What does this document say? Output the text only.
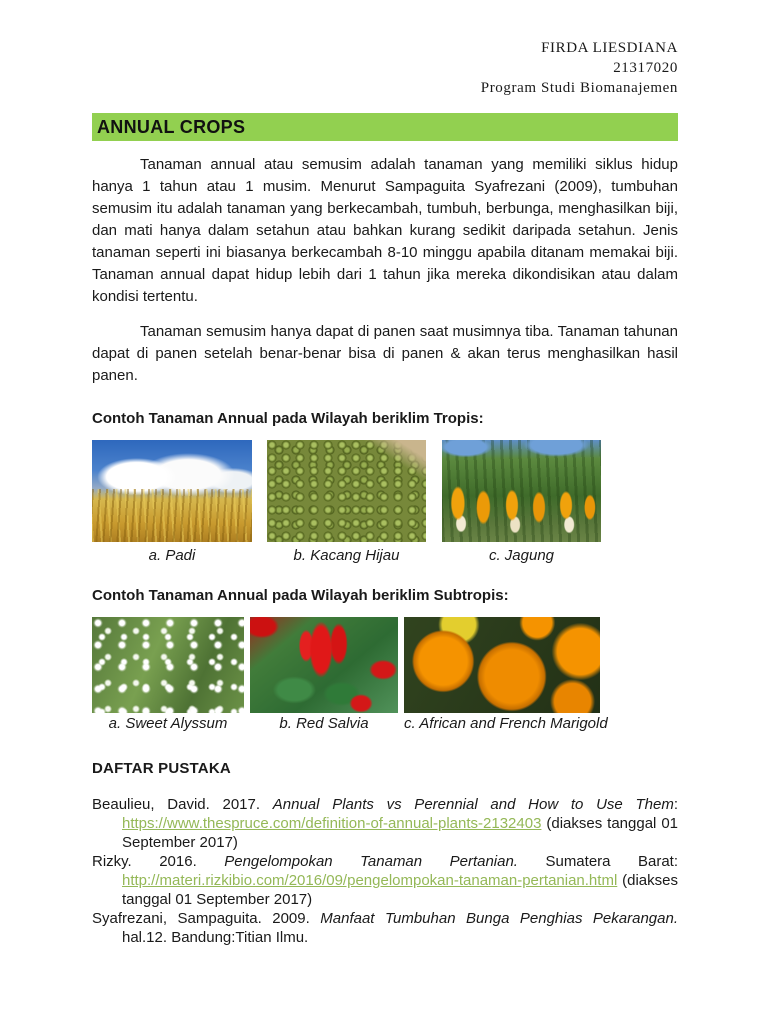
FIRDA LIESDIANA
21317020
Program Studi Biomanajemen
ANNUAL CROPS

Tanaman annual atau semusim adalah tanaman yang memiliki siklus hidup hanya 1 tahun atau 1 musim. Menurut Sampaguita Syafrezani (2009), tumbuhan semusim itu adalah tanaman yang berkecambah, tumbuh, berbunga, menghasilkan biji, dan mati hanya dalam setahun atau bahkan kurang sedikit daripada setahun. Jenis tanaman seperti ini biasanya berkecambah 8-10 minggu apabila ditanam memakai biji. Tanaman annual dapat hidup lebih dari 1 tahun jika mereka dikondisikan atau dalam kondisi tertentu.

Tanaman semusim hanya dapat di panen saat musimnya tiba. Tanaman tahunan dapat di panen setelah benar-benar bisa di panen & akan terus menghasilkan hasil panen.

Contoh Tanaman Annual pada Wilayah beriklim Tropis:
a. Padi	b. Kacang Hijau	c. Jagung
Contoh Tanaman Annual pada Wilayah beriklim Subtropis:
a. Sweet Alyssum	b. Red Salvia	c. African and French Marigold
DAFTAR PUSTAKA

Beaulieu, David. 2017. Annual Plants vs Perennial and How to Use Them: https://www.thespruce.com/definition-of-annual-plants-2132403 (diakses tanggal 01 September 2017)

Rizky. 2016. Pengelompokan Tanaman Pertanian. Sumatera Barat: http://materi.rizkibio.com/2016/09/pengelompokan-tanaman-pertanian.html (diakses tanggal 01 September 2017)

Syafrezani, Sampaguita. 2009. Manfaat Tumbuhan Bunga Penghias Pekarangan. hal.12. Bandung:Titian Ilmu.
